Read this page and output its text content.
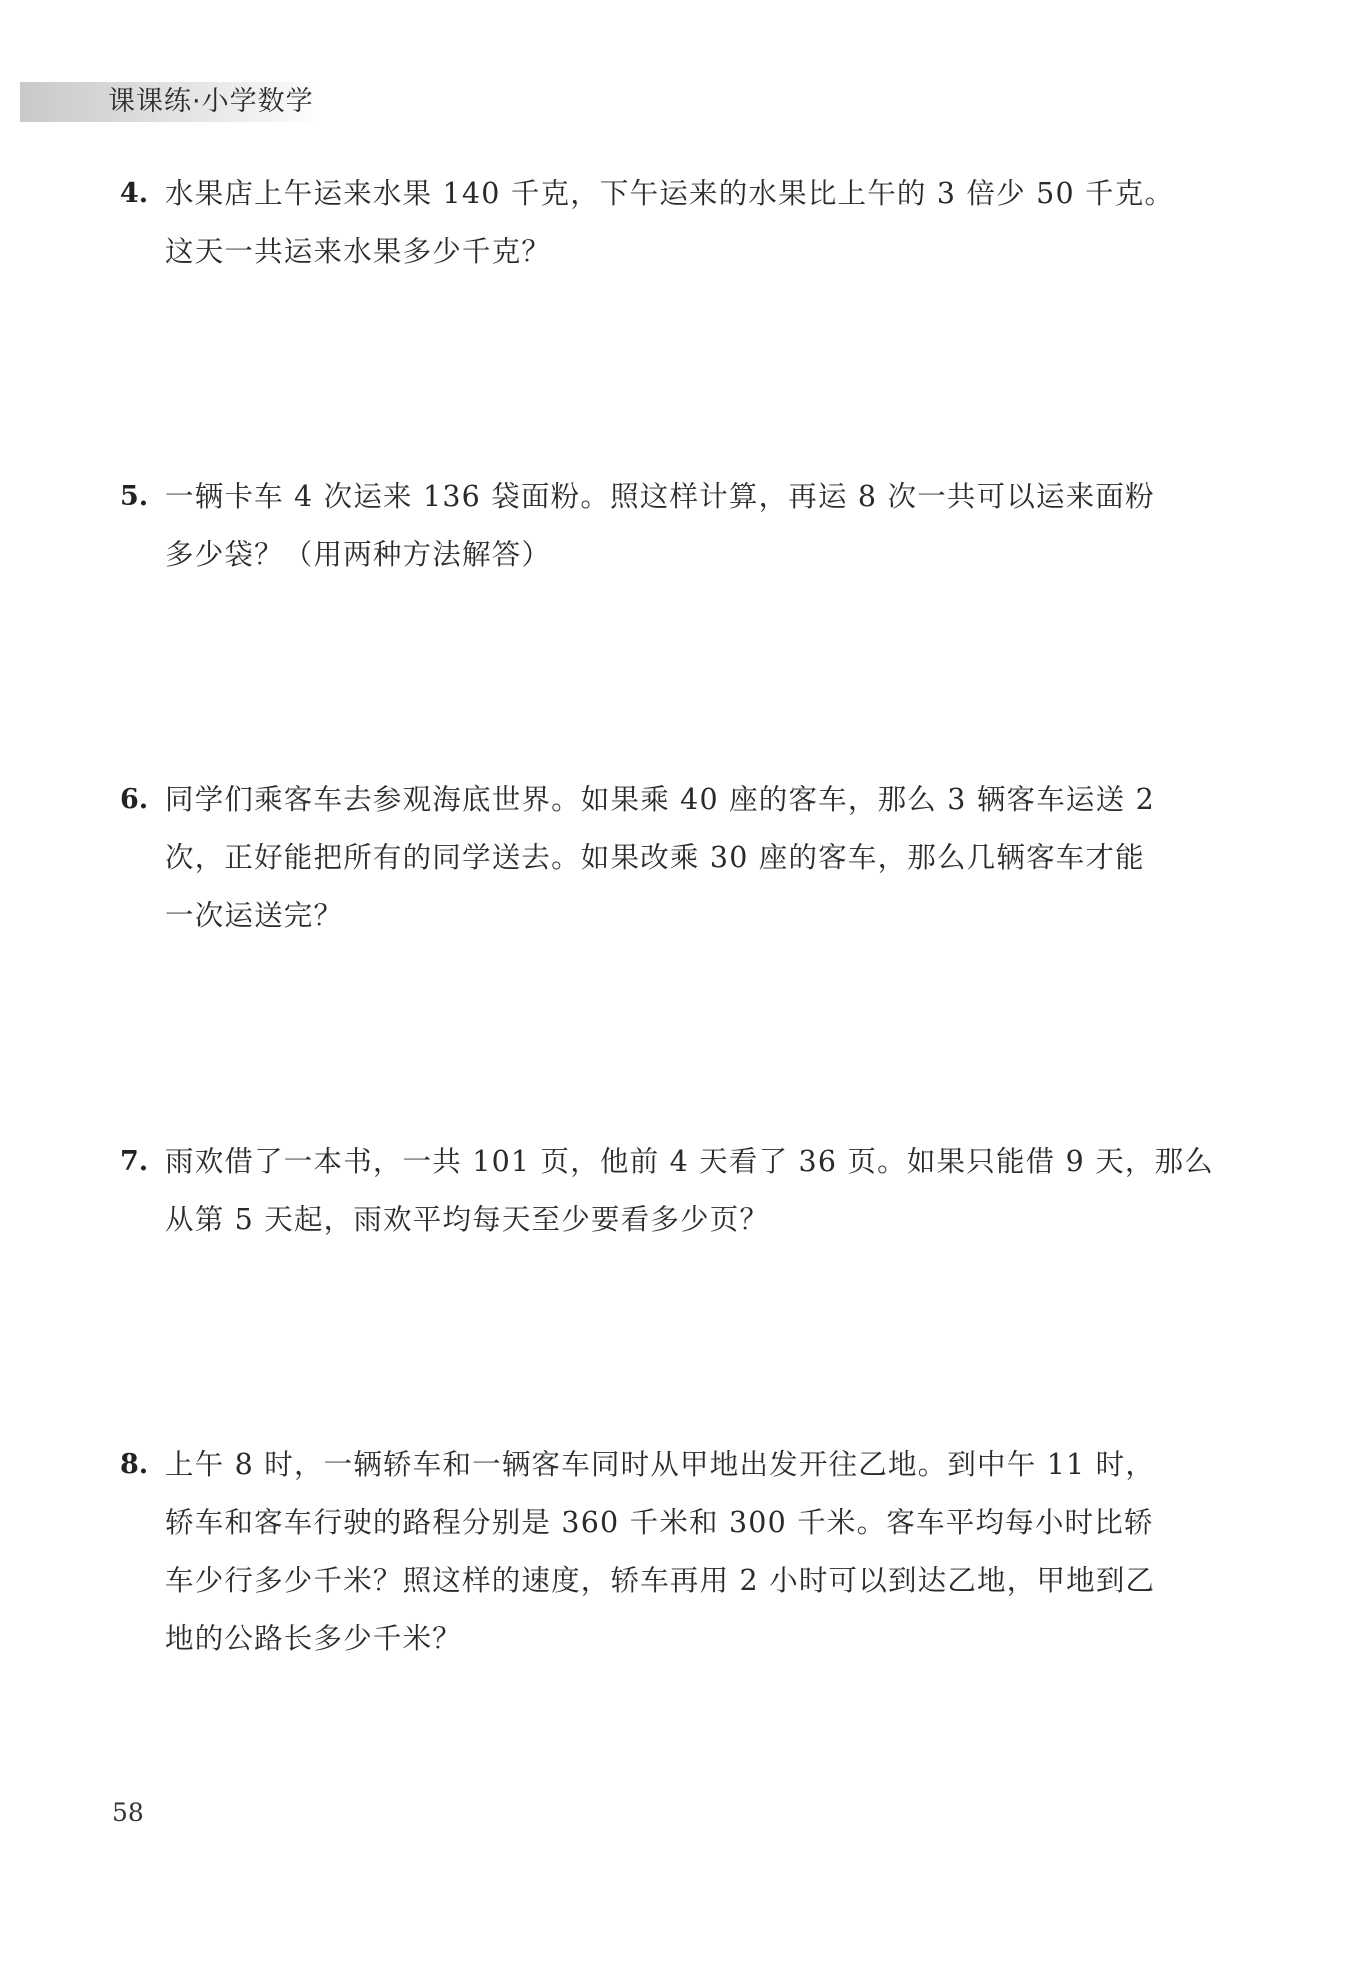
课课练·小学数学
4. 水果店上午运来水果 140 千克，下午运来的水果比上午的 3 倍少 50 千克。
这天一共运来水果多少千克？
5. 一辆卡车 4 次运来 136 袋面粉。照这样计算，再运 8 次一共可以运来面粉
多少袋？（用两种方法解答）
6. 同学们乘客车去参观海底世界。如果乘 40 座的客车，那么 3 辆客车运送 2
次，正好能把所有的同学送去。如果改乘 30 座的客车，那么几辆客车才能
一次运送完？
7. 雨欢借了一本书，一共 101 页，他前 4 天看了 36 页。如果只能借 9 天，那么
从第 5 天起，雨欢平均每天至少要看多少页？
8. 上午 8 时，一辆轿车和一辆客车同时从甲地出发开往乙地。到中午 11 时，
轿车和客车行驶的路程分别是 360 千米和 300 千米。客车平均每小时比轿
车少行多少千米？照这样的速度，轿车再用 2 小时可以到达乙地，甲地到乙
地的公路长多少千米？
58
